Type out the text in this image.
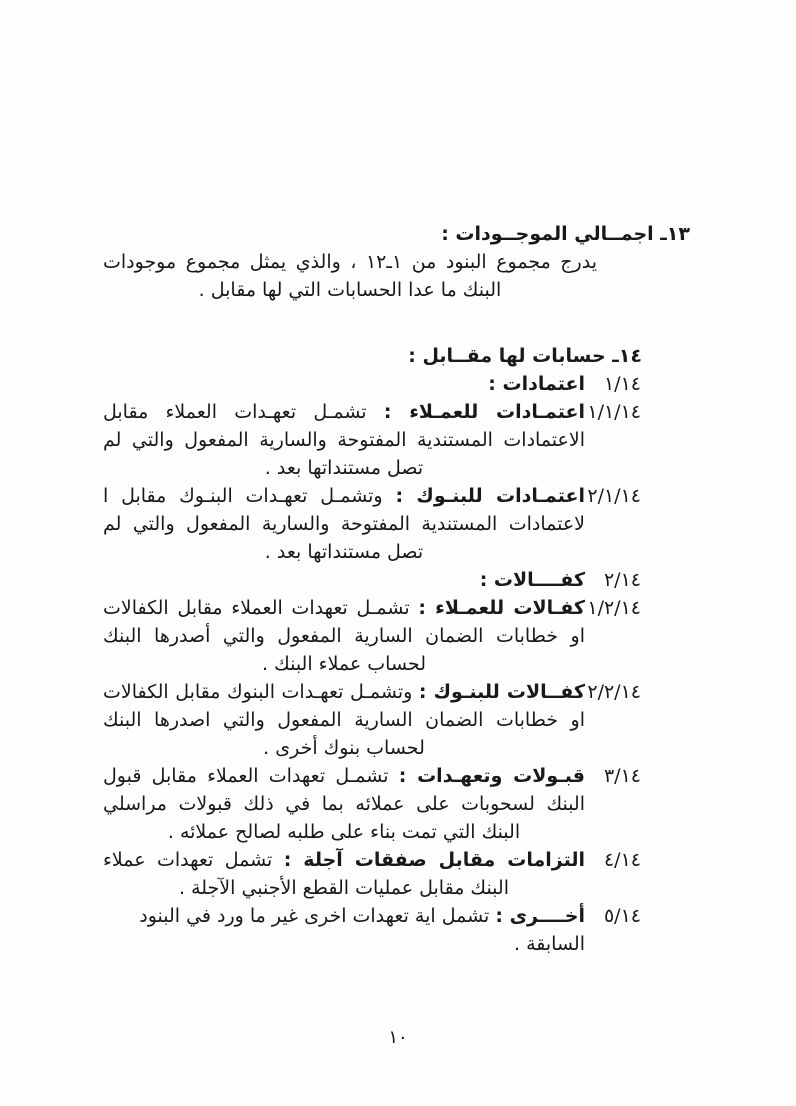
١٣ـ اجمــالي الموجــودات :
يدرج مجموع البنود من ١ـ١٢ ، والذي يمثل مجموع موجودات البنك ما عدا الحسابات التي لها مقابل .
١٤ـ حسابات لها مقــابل :
١/١٤
اعتمادات :
١/١/١٤
اعتمـادات للعمـلاء : تشمـل تعهـدات العملاء مقابل الاعتمادات المستندية المفتوحة والسارية المفعول والتي لم تصل مستنداتها بعد .
٢/١/١٤
اعتمـادات للبنـوك : وتشمـل تعهـدات البنـوك مقابل ا لاعتمادات المستندية المفتوحة والسارية المفعول والتي لم تصل مستنداتها بعد .
٢/١٤
كفــــالات :
١/٢/١٤
كفـالات للعمـلاء : تشمـل تعهدات العملاء مقابل الكفالات او خطابات الضمان السارية المفعول والتي أصدرها البنك لحساب عملاء البنك .
٢/٢/١٤
كفــالات للبنـوك : وتشمـل تعهـدات البنوك مقابل الكفالات او خطابات الضمان السارية المفعول والتي اصدرها البنك لحساب بنوك أخرى .
٣/١٤
قبـولات وتعهـدات : تشمـل تعهدات العملاء مقابل قبول البنك لسحوبات على عملائه بما في ذلك قبولات مراسلي البنك التي تمت بناء على طلبه لصالح عملائه .
٤/١٤
التزامات مقابل صفقات آجلة : تشمل تعهدات عملاء البنك مقابل عمليات القطع الأجنبي الآجلة .
٥/١٤
أخــــرى : تشمل اية تعهدات اخرى غير ما ورد في البنود السابقة .
١٠
